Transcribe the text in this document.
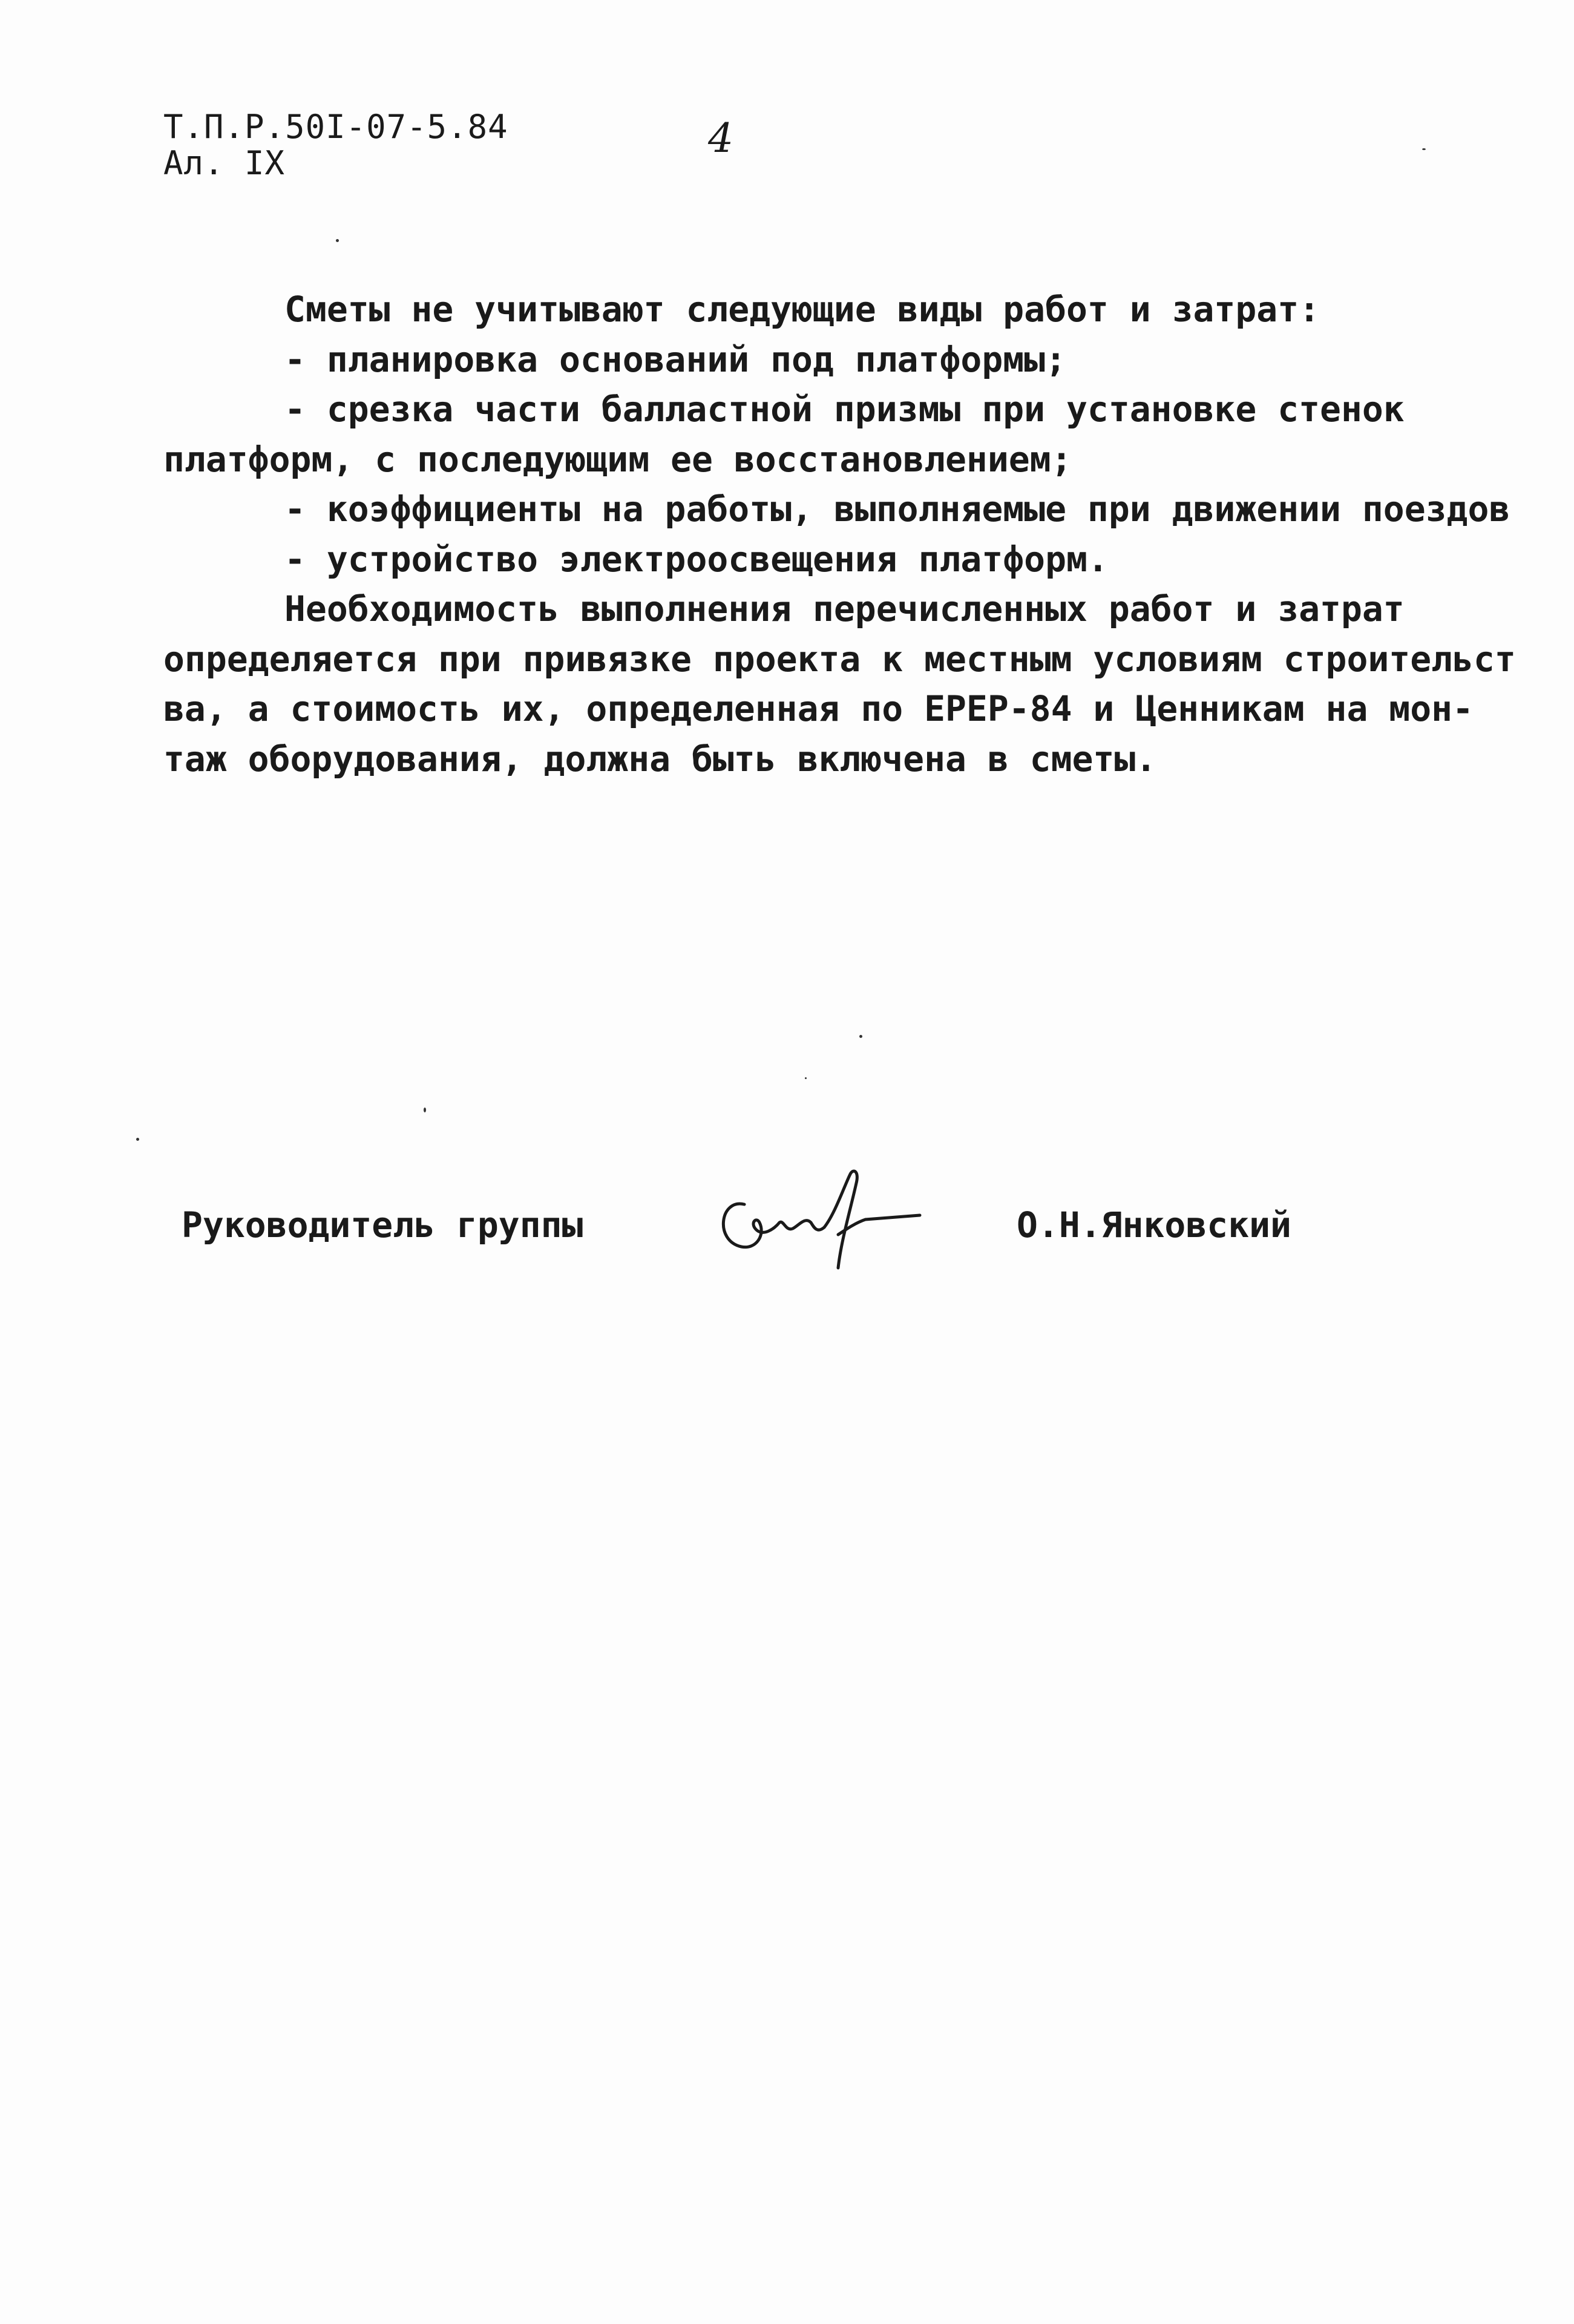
Т.П.Р.50I-07-5.84
Ал. IX
4
Сметы не учитывают следующие виды работ и затрат:
- планировка оснований под платформы;
- срезка части балластной призмы при установке стенок
платформ, с последующим ее восстановлением;
- коэффициенты на работы, выполняемые при движении поездов
- устройство электроосвещения платформ.
Необходимость выполнения перечисленных работ и затрат
определяется при привязке проекта к местным условиям строительст
ва, а стоимость их, определенная по ЕРЕР-84 и Ценникам на мон-
таж оборудования, должна быть включена в сметы.
Руководитель группы	О.Н.Янковский
